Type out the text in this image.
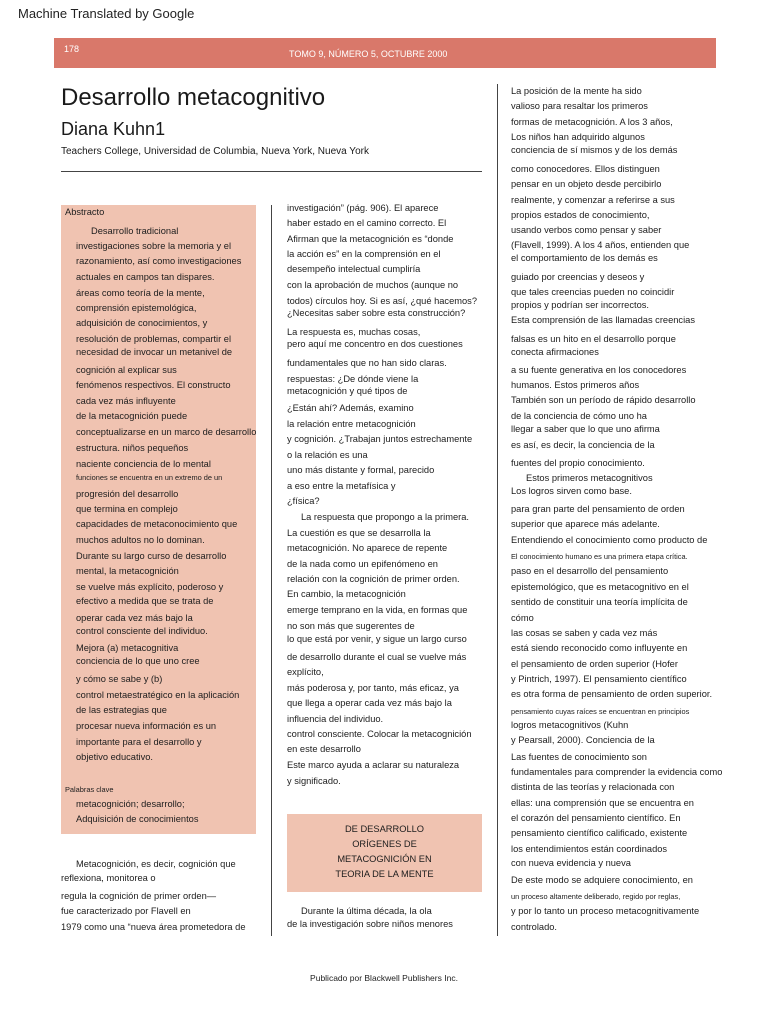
Machine Translated by Google
178	TOMO 9, NÚMERO 5, OCTUBRE 2000
Desarrollo metacognitivo
Diana Kuhn1
Teachers College, Universidad de Columbia, Nueva York, Nueva York
Abstracto
Palabras clave
DE DESARROLLO
ORÍGENES DE
METACOGNICIÓN EN
TEORIA DE LA MENTE
Desarrollo tradicional
investigaciones sobre la memoria y el
razonamiento, así como investigaciones
actuales en campos tan dispares.
áreas como teoría de la mente,
comprensión epistemológica,
adquisición de conocimientos, y
resolución de problemas, compartir el
necesidad de invocar un metanivel de
cognición al explicar sus
fenómenos respectivos. El constructo
cada vez más influyente
de la metacognición puede
conceptualizarse en un marco de desarrollo
estructura. niños pequeños
naciente conciencia de lo mental
funciones se encuentra en un extremo de un
progresión del desarrollo
que termina en complejo
capacidades de metaconocimiento que
muchos adultos no lo dominan.
Durante su largo curso de desarrollo
mental, la metacognición
se vuelve más explícito, poderoso y
efectivo a medida que se trata de
operar cada vez más bajo la
control consciente del individuo.
Mejora (a) metacognitiva
conciencia de lo que uno cree
y cómo se sabe y (b)
control metaestratégico en la aplicación
de las estrategias que
procesar nueva información es un
importante para el desarrollo y
objetivo educativo.
metacognición; desarrollo;
Adquisición de conocimientos
Metacognición, es decir, cognición que
reflexiona, monitorea o
regula la cognición de primer orden—
fue caracterizado por Flavell en
1979 como una “nueva área prometedora de
investigación” (pág. 906). El aparece
haber estado en el camino correcto. El
Afirman que la metacognición es “donde
la acción es” en la comprensión en el
desempeño intelectual cumpliría
con la aprobación de muchos (aunque no
todos) círculos hoy. Si es así, ¿qué hacemos?
¿Necesitas saber sobre esta construcción?
La respuesta es, muchas cosas,
pero aquí me concentro en dos cuestiones
fundamentales que no han sido claras.
respuestas: ¿De dónde viene la
metacognición y qué tipos de
¿Están ahí? Además, examino
la relación entre metacognición
y cognición. ¿Trabajan juntos estrechamente
o la relación es una
uno más distante y formal, parecido
a eso entre la metafísica y
¿física?
La respuesta que propongo a la primera.
La cuestión es que se desarrolla la
metacognición. No aparece de repente
de la nada como un epifenómeno en
relación con la cognición de primer orden.
En cambio, la metacognición
emerge temprano en la vida, en formas que
no son más que sugerentes de
lo que está por venir, y sigue un largo curso
de desarrollo durante el cual se vuelve más
explícito,
más poderosa y, por tanto, más eficaz, ya
que llega a operar cada vez más bajo la
influencia del individuo.
control consciente. Colocar la metacognición
en este desarrollo
Este marco ayuda a aclarar su naturaleza
y significado.
Durante la última década, la ola
de la investigación sobre niños menores
La posición de la mente ha sido
valioso para resaltar los primeros
formas de metacognición. A los 3 años,
Los niños han adquirido algunos
conciencia de sí mismos y de los demás
como conocedores. Ellos distinguen
pensar en un objeto desde percibirlo
realmente, y comenzar a referirse a sus
propios estados de conocimiento,
usando verbos como pensar y saber
(Flavell, 1999). A los 4 años, entienden que
el comportamiento de los demás es
guiado por creencias y deseos y
que tales creencias pueden no coincidir
propios y podrían ser incorrectos.
Esta comprensión de las llamadas creencias
falsas es un hito en el desarrollo porque
conecta afirmaciones
a su fuente generativa en los conocedores
humanos. Estos primeros años
También son un período de rápido desarrollo
de la conciencia de cómo uno ha
llegar a saber que lo que uno afirma
es así, es decir, la conciencia de la
fuentes del propio conocimiento.
Estos primeros metacognitivos
Los logros sirven como base.
para gran parte del pensamiento de orden
superior que aparece más adelante.
Entendiendo el conocimiento como producto de
El conocimiento humano es una primera etapa crítica.
paso en el desarrollo del pensamiento
epistemológico, que es metacognitivo en el
sentido de constituir una teoría implícita de
cómo
las cosas se saben y cada vez más
está siendo reconocido como influyente en
el pensamiento de orden superior (Hofer
y Pintrich, 1997). El pensamiento científico
es otra forma de pensamiento de orden superior.
pensamiento cuyas raíces se encuentran en principios
logros metacognitivos (Kuhn
y Pearsall, 2000). Conciencia de la
Las fuentes de conocimiento son
fundamentales para comprender la evidencia como
distinta de las teorías y relacionada con
ellas: una comprensión que se encuentra en
el corazón del pensamiento científico. En
pensamiento científico calificado, existente
los entendimientos están coordinados
con nueva evidencia y nueva
De este modo se adquiere conocimiento, en
un proceso altamente deliberado, regido por reglas,
y por lo tanto un proceso metacognitivamente
controlado.
Publicado por Blackwell Publishers Inc.
